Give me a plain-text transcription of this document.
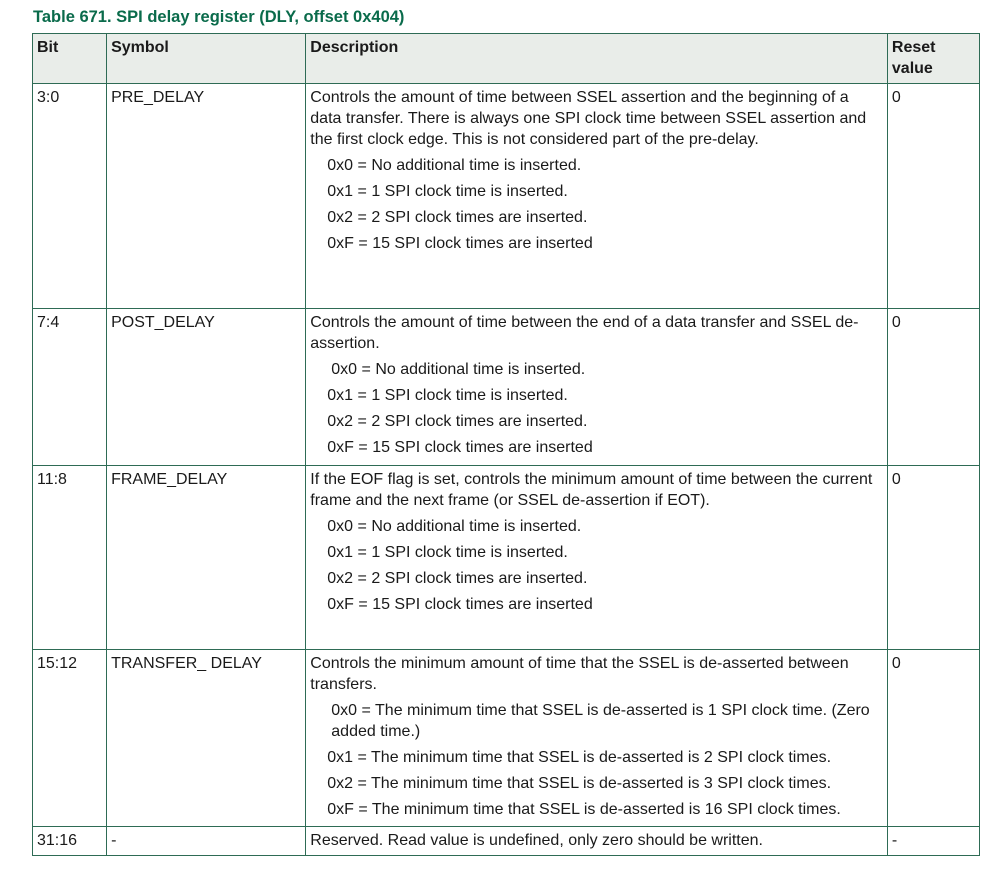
Table 671. SPI delay register (DLY, offset 0x404)
Bit	Symbol	Description	Reset
value
3:0	PRE_DELAY	Controls the amount of time between SSEL assertion and the beginning of a data transfer. There is always one SPI clock time between SSEL assertion and the first clock edge. This is not considered part of the pre-delay.
0x0 = No additional time is inserted.
0x1 = 1 SPI clock time is inserted.
0x2 = 2 SPI clock times are inserted.
0xF = 15 SPI clock times are inserted	0
7:4	POST_DELAY	Controls the amount of time between the end of a data transfer and SSEL de-assertion.
0x0 = No additional time is inserted.
0x1 = 1 SPI clock time is inserted.
0x2 = 2 SPI clock times are inserted.
0xF = 15 SPI clock times are inserted	0
11:8	FRAME_DELAY	If the EOF flag is set, controls the minimum amount of time between the current frame and the next frame (or SSEL de-assertion if EOT).
0x0 = No additional time is inserted.
0x1 = 1 SPI clock time is inserted.
0x2 = 2 SPI clock times are inserted.
0xF = 15 SPI clock times are inserted	0
15:12	TRANSFER_ DELAY	Controls the minimum amount of time that the SSEL is de-asserted between transfers.
0x0 = The minimum time that SSEL is de-asserted is 1 SPI clock time. (Zero added time.)
0x1 = The minimum time that SSEL is de-asserted is 2 SPI clock times.
0x2 = The minimum time that SSEL is de-asserted is 3 SPI clock times.
0xF = The minimum time that SSEL is de-asserted is 16 SPI clock times.	0
31:16	-	Reserved. Read value is undefined, only zero should be written.	-
